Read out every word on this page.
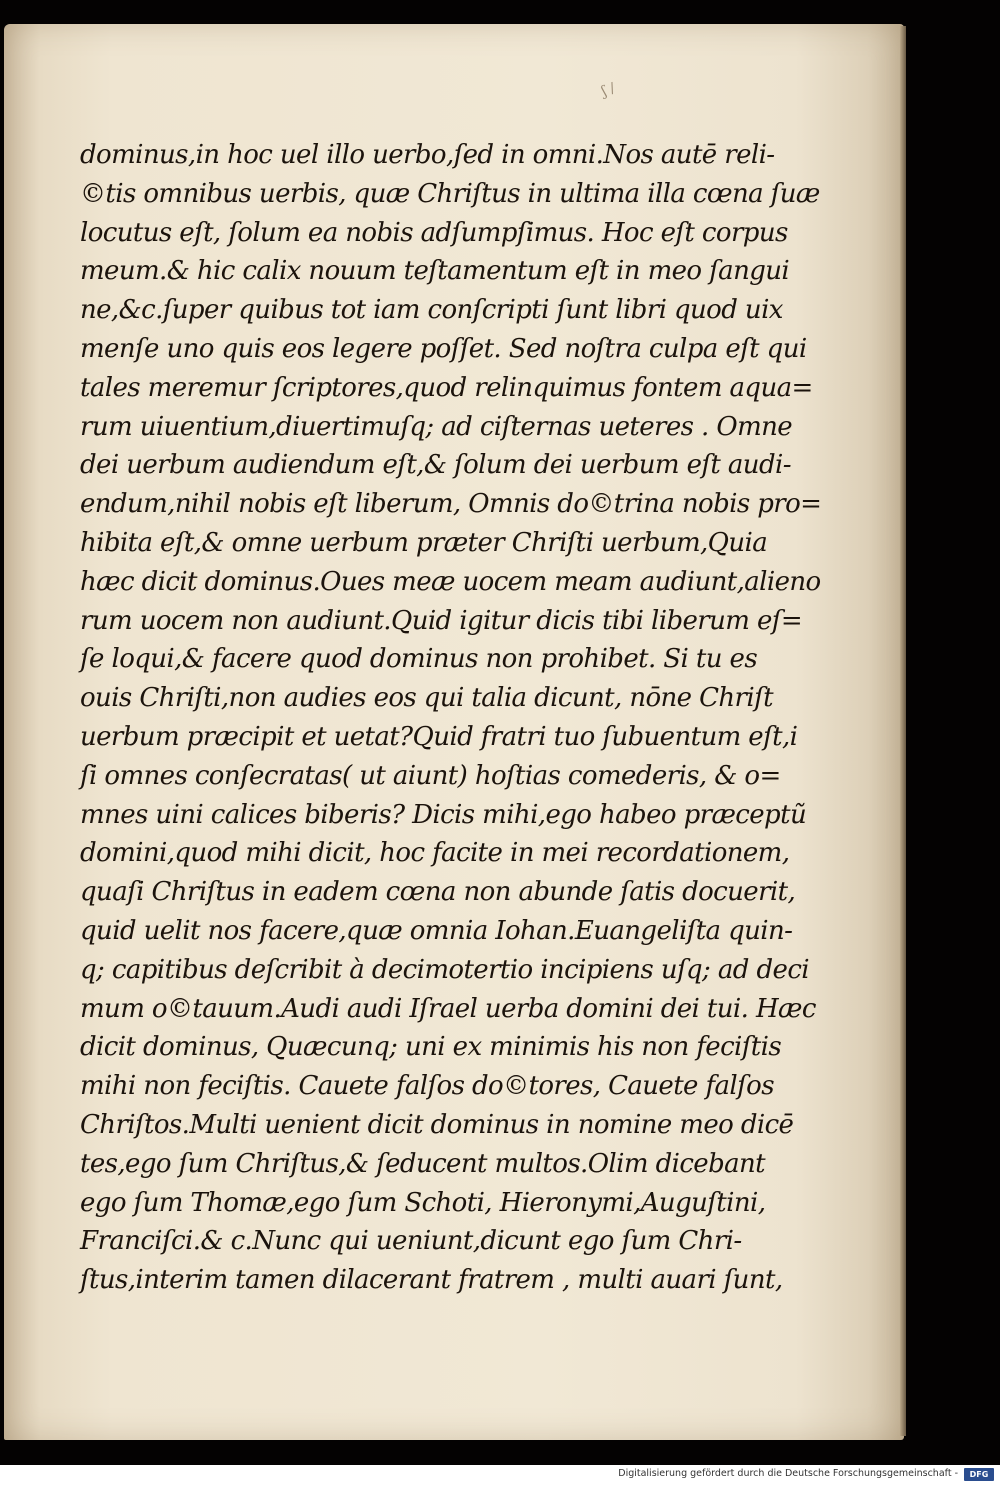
ʃ /
dominus,in hoc uel illo uerbo,ſed in omni.Nos autē reli-
©tis omnibus uerbis, quæ Chriſtus in ultima illa cœna ſuæ
locutus eſt, ſolum ea nobis adſumpſimus. Hoc eſt corpus
meum.& hic calix nouum teſtamentum eſt in meo ſangui
ne,&c.ſuper quibus tot iam conſcripti ſunt libri quod uix
menſe uno quis eos legere poſſet. Sed noſtra culpa eſt qui
tales meremur ſcriptores,quod relinquimus fontem aqua=
rum uiuentium,diuertimuſq; ad ciſternas ueteres . Omne
dei uerbum audiendum eſt,& ſolum dei uerbum eſt audi-
endum,nihil nobis eſt liberum, Omnis do©trina nobis pro=
hibita eſt,& omne uerbum præter Chriſti uerbum,Quia
hæc dicit dominus.Oues meæ uocem meam audiunt,alieno
rum uocem non audiunt.Quid igitur dicis tibi liberum eſ=
ſe loqui,& facere quod dominus non prohibet. Si tu es
ouis Chriſti,non audies eos qui talia dicunt, nōne Chriſt
uerbum præcipit et uetat?Quid fratri tuo ſubuentum eſt,i
ſi omnes conſecratas( ut aiunt) hoſtias comederis, & o=
mnes uini calices biberis? Dicis mihi,ego habeo præceptũ
domini,quod mihi dicit, hoc facite in mei recordationem,
quaſi Chriſtus in eadem cœna non abunde ſatis docuerit,
quid uelit nos facere,quæ omnia Iohan.Euangeliſta quin-
q; capitibus deſcribit à decimotertio incipiens uſq; ad deci
mum o©tauum.Audi audi Iſrael uerba domini dei tui. Hæc
dicit dominus, Quæcunq; uni ex minimis his non feciſtis
mihi non feciſtis. Cauete falſos do©tores, Cauete falſos
Chriſtos.Multi uenient dicit dominus in nomine meo dicē
tes,ego ſum Chriſtus,& ſeducent multos.Olim dicebant
ego ſum Thomæ,ego ſum Schoti, Hieronymi,Auguſtini,
Franciſci.& c.Nunc qui ueniunt,dicunt ego ſum Chri-
ſtus,interim tamen dilacerant fratrem , multi auari ſunt,
Digitalisierung gefördert durch die Deutsche Forschungsgemeinschaft -	DFG
